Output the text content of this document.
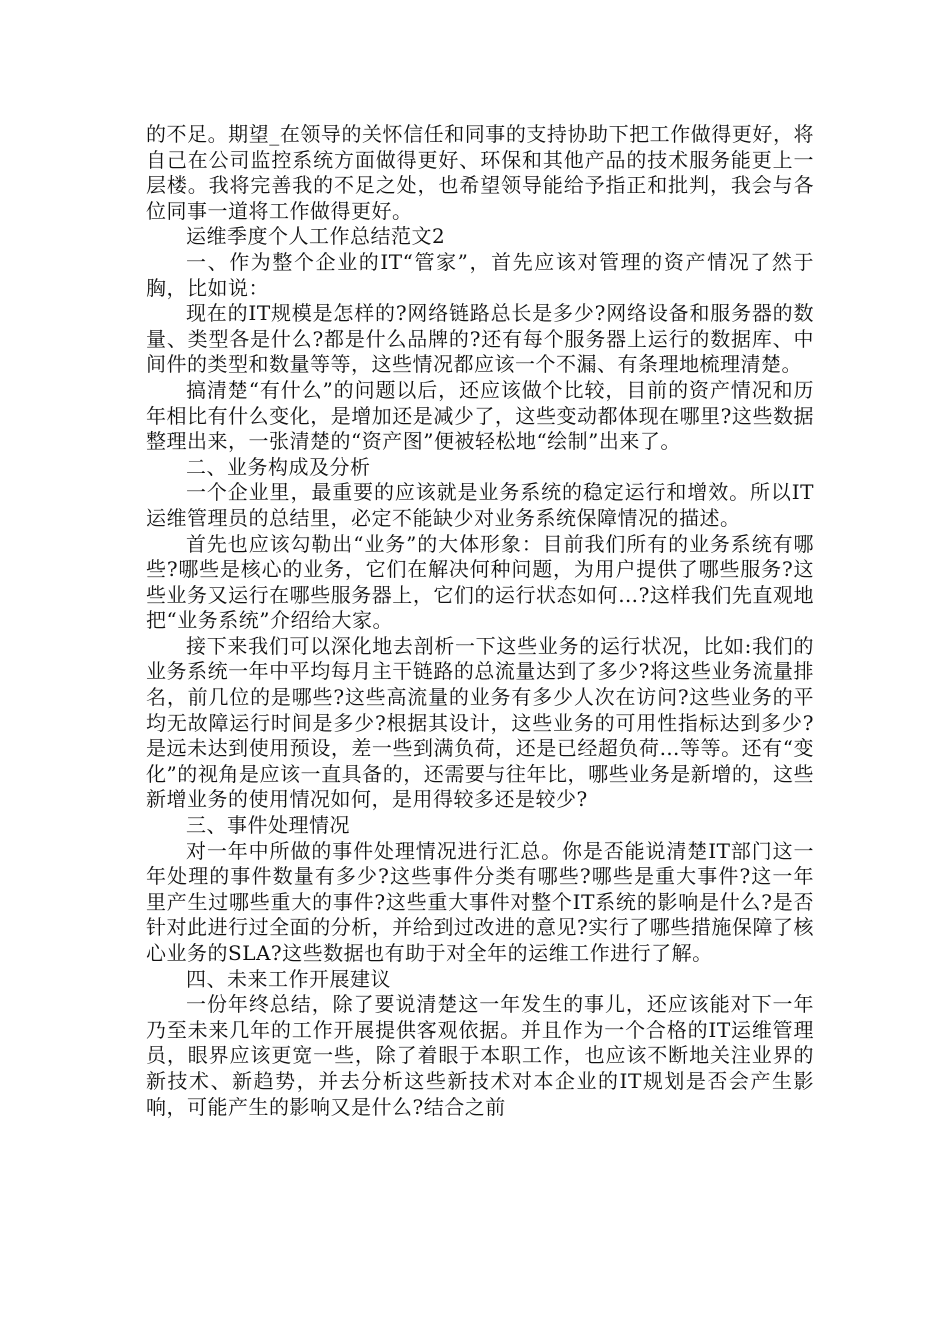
的不足。期望_在领导的关怀信任和同事的支持协助下把工作做得更好，将自己在公司监控系统方面做得更好、环保和其他产品的技术服务能更上一层楼。我将完善我的不足之处，也希望领导能给予指正和批判，我会与各位同事一道将工作做得更好。

运维季度个人工作总结范文2

一、作为整个企业的IT“管家”，首先应该对管理的资产情况了然于胸，比如说：

现在的IT规模是怎样的?网络链路总长是多少?网络设备和服务器的数量、类型各是什么?都是什么品牌的?还有每个服务器上运行的数据库、中间件的类型和数量等等，这些情况都应该一个不漏、有条理地梳理清楚。

搞清楚“有什么”的问题以后，还应该做个比较，目前的资产情况和历年相比有什么变化，是增加还是减少了，这些变动都体现在哪里?这些数据整理出来，一张清楚的“资产图”便被轻松地“绘制”出来了。

二、业务构成及分析

一个企业里，最重要的应该就是业务系统的稳定运行和增效。所以IT运维管理员的总结里，必定不能缺少对业务系统保障情况的描述。

首先也应该勾勒出“业务”的大体形象：目前我们所有的业务系统有哪些?哪些是核心的业务，它们在解决何种问题，为用户提供了哪些服务?这些业务又运行在哪些服务器上，它们的运行状态如何…?这样我们先直观地把“业务系统”介绍给大家。

接下来我们可以深化地去剖析一下这些业务的运行状况，比如:我们的业务系统一年中平均每月主干链路的总流量达到了多少?将这些业务流量排名，前几位的是哪些?这些高流量的业务有多少人次在访问?这些业务的平均无故障运行时间是多少?根据其设计，这些业务的可用性指标达到多少?是远未达到使用预设，差一些到满负荷，还是已经超负荷…等等。还有“变化”的视角是应该一直具备的，还需要与往年比，哪些业务是新增的，这些新增业务的使用情况如何，是用得较多还是较少?

三、事件处理情况

对一年中所做的事件处理情况进行汇总。你是否能说清楚IT部门这一年处理的事件数量有多少?这些事件分类有哪些?哪些是重大事件?这一年里产生过哪些重大的事件?这些重大事件对整个IT系统的影响是什么?是否针对此进行过全面的分析，并给到过改进的意见?实行了哪些措施保障了核心业务的SLA?这些数据也有助于对全年的运维工作进行了解。

四、未来工作开展建议

一份年终总结，除了要说清楚这一年发生的事儿，还应该能对下一年乃至未来几年的工作开展提供客观依据。并且作为一个合格的IT运维管理员，眼界应该更宽一些，除了着眼于本职工作，也应该不断地关注业界的新技术、新趋势，并去分析这些新技术对本企业的IT规划是否会产生影响，可能产生的影响又是什么?结合之前
